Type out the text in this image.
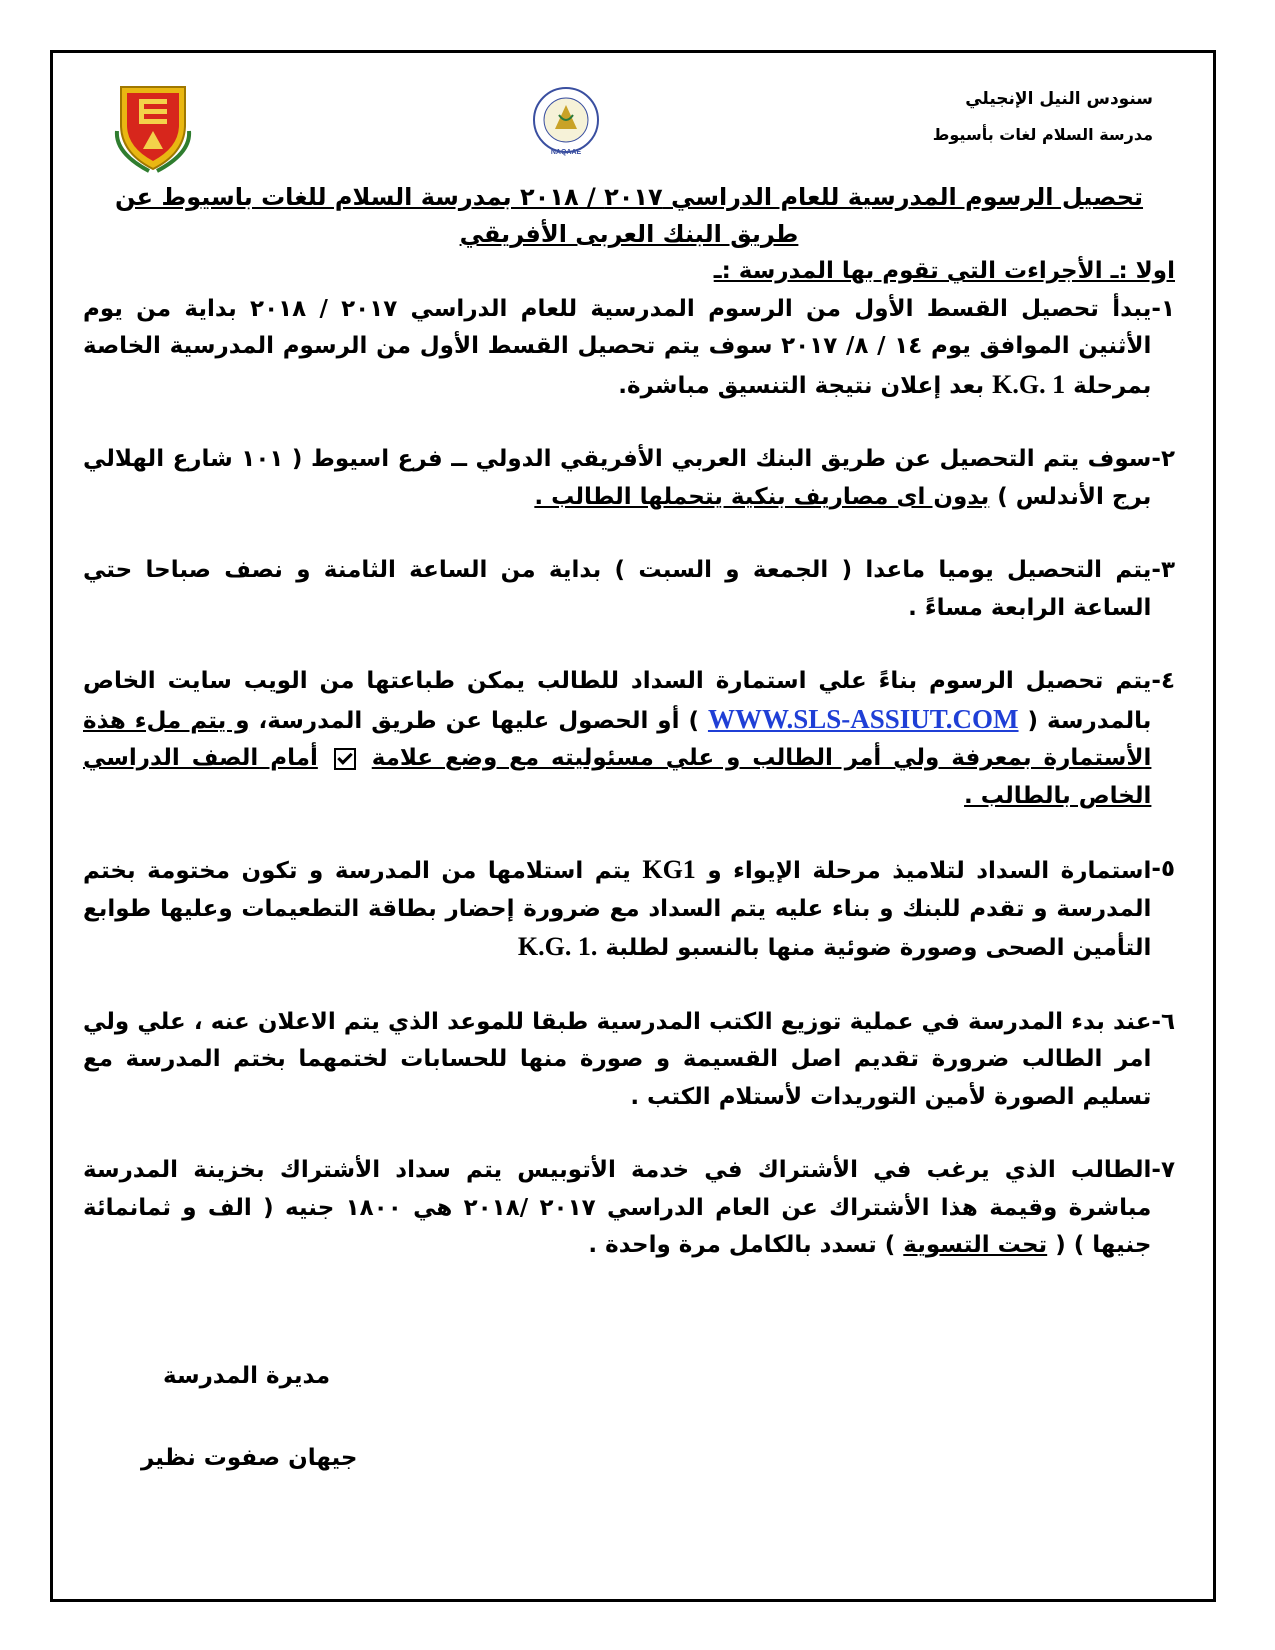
NAQAAE
سنودس النيل الإنجيلي
مدرسة السلام لغات بأسيوط

تحصيل الرسوم المدرسية للعام الدراسي ٢٠١٧ / ٢٠١٨ بمدرسة السلام للغات باسيوط عن طريق البنك العربى الأفريقي

اولا :ـ الأجراءت التي تقوم بها المدرسة :ـ

١-
يبدأ تحصيل القسط الأول من الرسوم المدرسية للعام الدراسي ٢٠١٧ / ٢٠١٨ بداية من يوم الأثنين الموافق يوم ١٤ / ٨/ ٢٠١٧ سوف يتم تحصيل القسط الأول من الرسوم المدرسية الخاصة بمرحلة K.G. 1 بعد إعلان نتيجة التنسيق مباشرة.
٢-
سوف يتم التحصيل عن طريق البنك العربي الأفريقي الدولي ــ فرع اسيوط ( ١٠١ شارع الهلالي برج الأندلس ) بدون اى مصاريف بنكية يتحملها الطالب .
٣-
يتم التحصيل يوميا ماعدا ( الجمعة و السبت ) بداية من الساعة الثامنة و نصف صباحا حتي الساعة الرابعة مساءً .
٤-
يتم تحصيل الرسوم بناءً علي استمارة السداد للطالب يمكن طباعتها من الويب سايت الخاص بالمدرسة ( WWW.SLS-ASSIUT.COM ) أو الحصول عليها عن طريق المدرسة، و يتم ملء هذة الأستمارة بمعرفة ولي أمر الطالب و علي مسئوليته مع وضع علامة  أمام الصف الدراسي الخاص بالطالب .
٥-
استمارة السداد لتلاميذ مرحلة الإيواء و KG1 يتم استلامها من المدرسة و تكون مختومة بختم المدرسة و تقدم للبنك و بناء عليه يتم السداد مع ضرورة إحضار بطاقة التطعيمات وعليها طوابع التأمين الصحى وصورة ضوئية منها بالنسبو لطلبة K.G. 1.
٦-
عند بدء المدرسة في عملية توزيع الكتب المدرسية طبقا للموعد الذي يتم الاعلان عنه ، علي ولي امر الطالب ضرورة تقديم اصل القسيمة و صورة منها للحسابات لختمهما بختم المدرسة مع تسليم الصورة لأمين التوريدات لأستلام الكتب .
٧-
الطالب الذي يرغب في الأشتراك في خدمة الأتوبيس يتم سداد الأشتراك بخزينة المدرسة مباشرة وقيمة هذا الأشتراك عن العام الدراسي ٢٠١٧ /٢٠١٨ هي ١٨٠٠ جنيه ( الف و ثمانمائة جنيها ) ( تحت التسوية ) تسدد بالكامل مرة واحدة .
مديرة المدرسة
جيهان صفوت نظير
